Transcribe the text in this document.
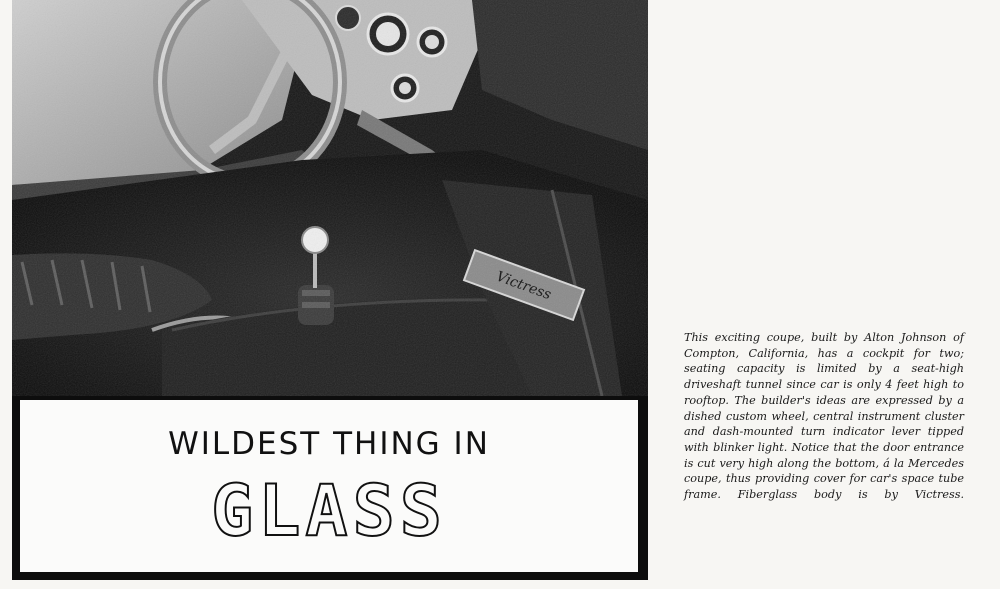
WILDEST THING IN
GLASS
This exciting coupe, built by Alton Johnson of Compton, California, has a cockpit for two; seating capacity is limited by a seat-high driveshaft tunnel since car is only 4 feet high to rooftop. The builder's ideas are expressed by a dished custom wheel, central instrument cluster and dash-mounted turn indicator lever tipped with blinker light. Notice that the door entrance is cut very high along the bottom, á la Mercedes coupe, thus providing cover for car's space tube frame. Fiberglass body is by Victress.
